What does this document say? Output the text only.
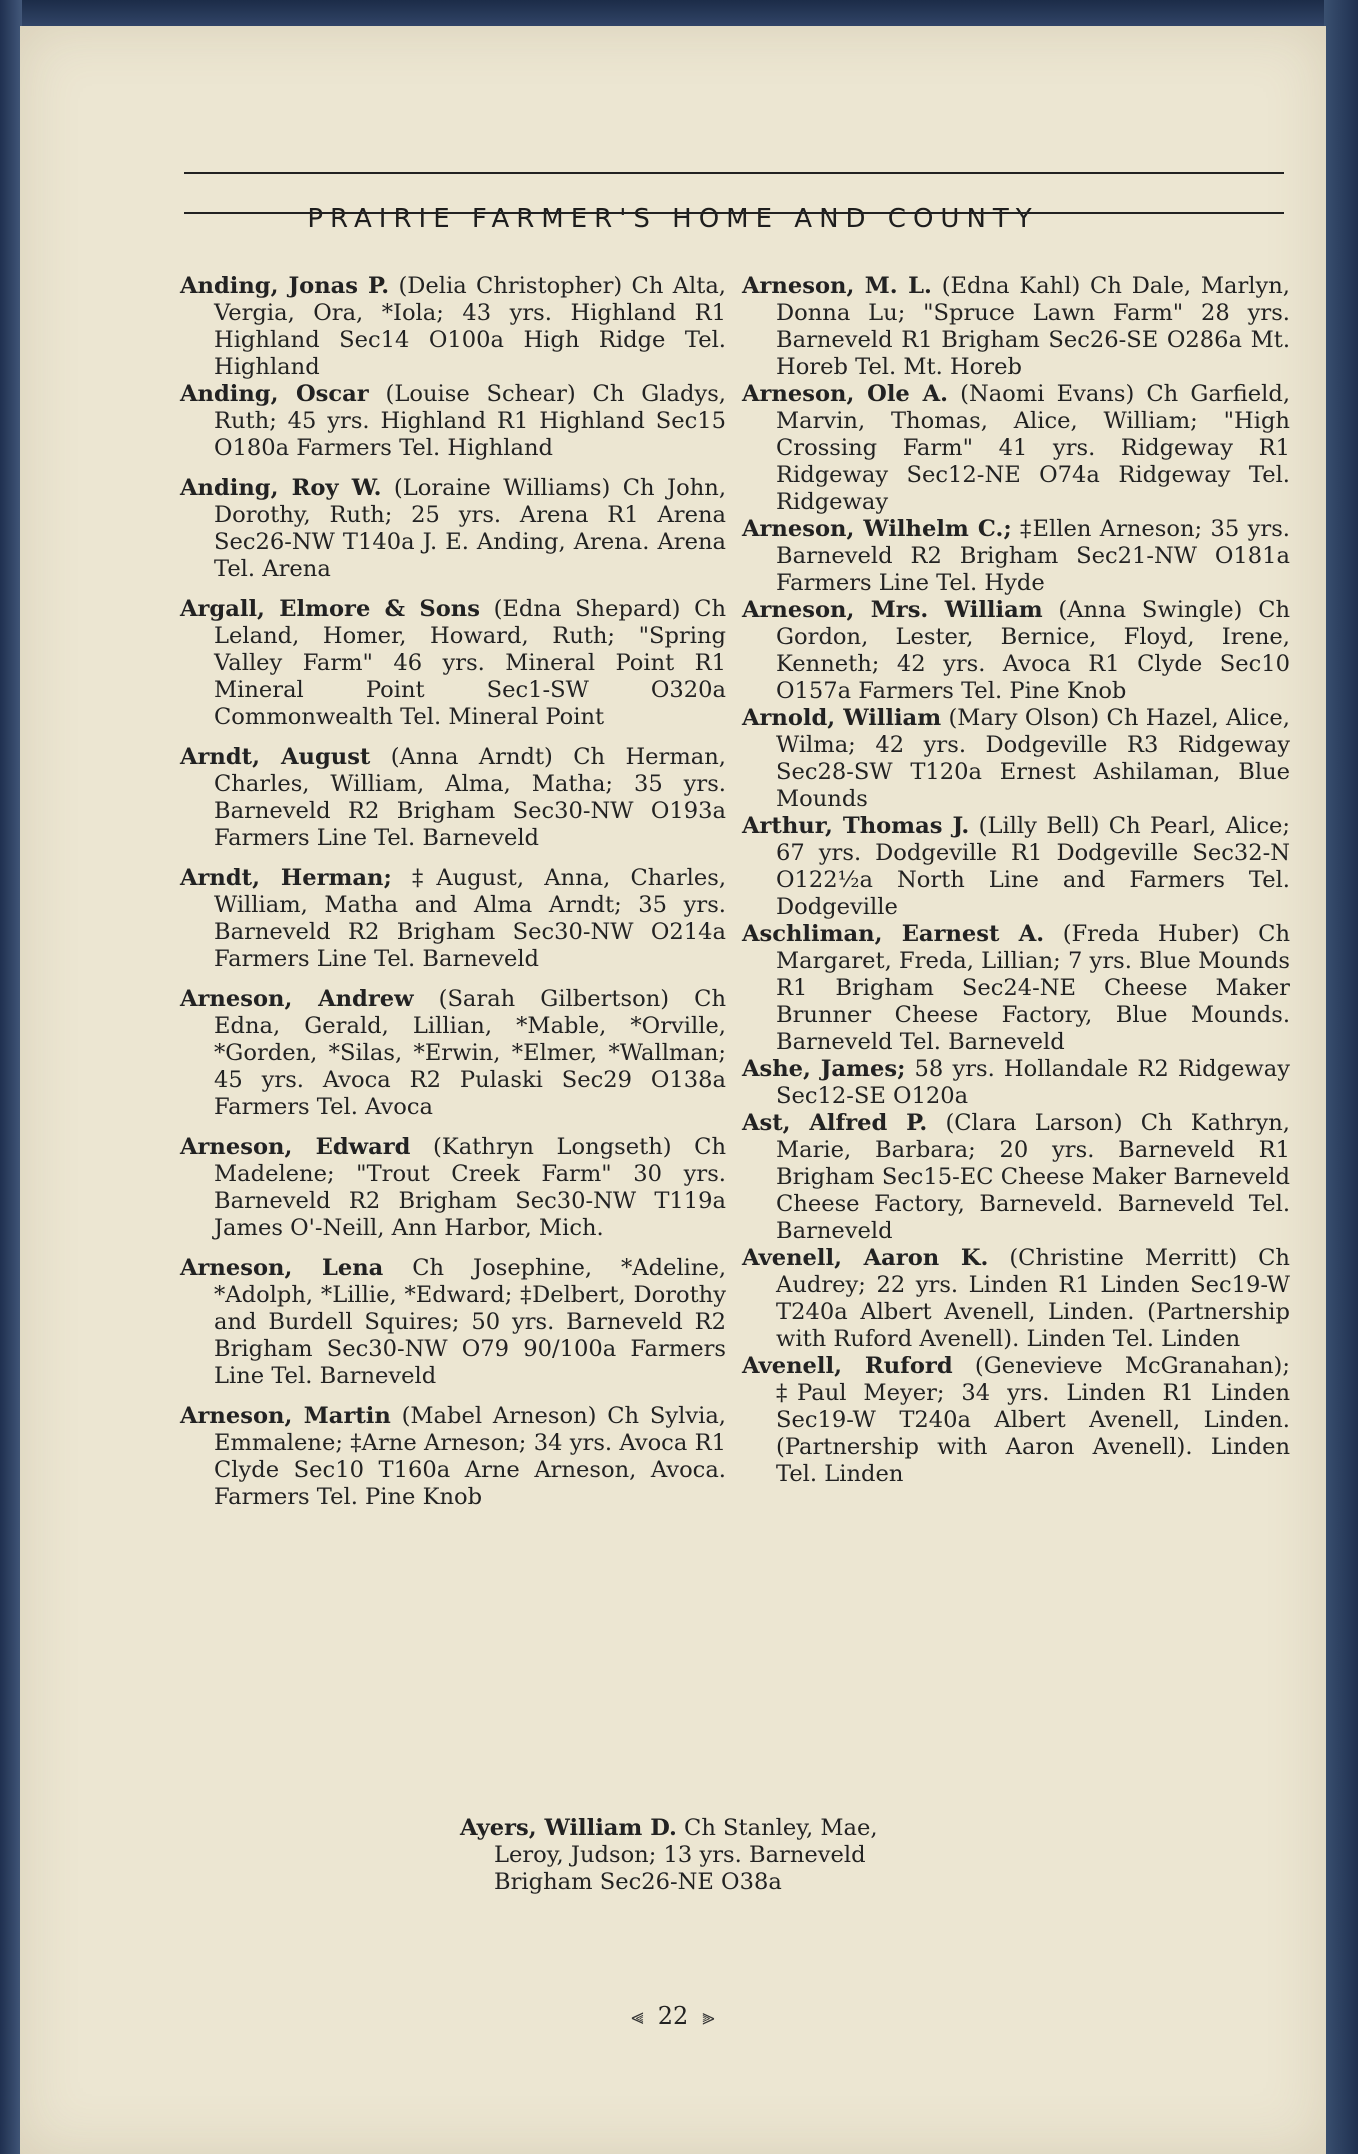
PRAIRIE FARMER'S HOME AND COUNTY

Anding, Jonas P. (Delia Christopher) Ch Alta, Vergia, Ora, *Iola; 43 yrs. Highland R1 Highland Sec14 O100a High Ridge Tel. Highland

Anding, Oscar (Louise Schear) Ch Gladys, Ruth; 45 yrs. Highland R1 Highland Sec15 O180a Farmers Tel. Highland

Anding, Roy W. (Loraine Williams) Ch John, Dorothy, Ruth; 25 yrs. Arena R1 Arena Sec26-NW T140a J. E. Anding, Arena. Arena Tel. Arena

Argall, Elmore & Sons (Edna Shepard) Ch Leland, Homer, Howard, Ruth; "Spring Valley Farm" 46 yrs. Mineral Point R1 Mineral Point Sec1-SW O320a Commonwealth Tel. Mineral Point

Arndt, August (Anna Arndt) Ch Herman, Charles, William, Alma, Matha; 35 yrs. Barneveld R2 Brigham Sec30-NW O193a Farmers Line Tel. Barneveld

Arndt, Herman; ‡August, Anna, Charles, William, Matha and Alma Arndt; 35 yrs. Barneveld R2 Brigham Sec30-NW O214a Farmers Line Tel. Barneveld

Arneson, Andrew (Sarah Gilbertson) Ch Edna, Gerald, Lillian, *Mable, *Orville, *Gorden, *Silas, *Erwin, *Elmer, *Wallman; 45 yrs. Avoca R2 Pulaski Sec29 O138a Farmers Tel. Avoca

Arneson, Edward (Kathryn Longseth) Ch Madelene; "Trout Creek Farm" 30 yrs. Barneveld R2 Brigham Sec30-NW T119a James O'-Neill, Ann Harbor, Mich.

Arneson, Lena Ch Josephine, *Adeline, *Adolph, *Lillie, *Edward; ‡Delbert, Dorothy and Burdell Squires; 50 yrs. Barneveld R2 Brigham Sec30-NW O79 90/100a Farmers Line Tel. Barneveld

Arneson, Martin (Mabel Arneson) Ch Sylvia, Emmalene; ‡Arne Arneson; 34 yrs. Avoca R1 Clyde Sec10 T160a Arne Arneson, Avoca. Farmers Tel. Pine Knob

Arneson, M. L. (Edna Kahl) Ch Dale, Marlyn, Donna Lu; "Spruce Lawn Farm" 28 yrs. Barneveld R1 Brigham Sec26-SE O286a Mt. Horeb Tel. Mt. Horeb

Arneson, Ole A. (Naomi Evans) Ch Garfield, Marvin, Thomas, Alice, William; "High Crossing Farm" 41 yrs. Ridgeway R1 Ridgeway Sec12-NE O74a Ridgeway Tel. Ridgeway

Arneson, Wilhelm C.; ‡Ellen Arneson; 35 yrs. Barneveld R2 Brigham Sec21-NW O181a Farmers Line Tel. Hyde

Arneson, Mrs. William (Anna Swingle) Ch Gordon, Lester, Bernice, Floyd, Irene, Kenneth; 42 yrs. Avoca R1 Clyde Sec10 O157a Farmers Tel. Pine Knob

Arnold, William (Mary Olson) Ch Hazel, Alice, Wilma; 42 yrs. Dodgeville R3 Ridgeway Sec28-SW T120a Ernest Ashilaman, Blue Mounds

Arthur, Thomas J. (Lilly Bell) Ch Pearl, Alice; 67 yrs. Dodgeville R1 Dodgeville Sec32-N O122½a North Line and Farmers Tel. Dodgeville

Aschliman, Earnest A. (Freda Huber) Ch Margaret, Freda, Lillian; 7 yrs. Blue Mounds R1 Brigham Sec24-NE Cheese Maker Brunner Cheese Factory, Blue Mounds. Barneveld Tel. Barneveld

Ashe, James; 58 yrs. Hollandale R2 Ridgeway Sec12-SE O120a

Ast, Alfred P. (Clara Larson) Ch Kathryn, Marie, Barbara; 20 yrs. Barneveld R1 Brigham Sec15-EC Cheese Maker Barneveld Cheese Factory, Barneveld. Barneveld Tel. Barneveld

Avenell, Aaron K. (Christine Merritt) Ch Audrey; 22 yrs. Linden R1 Linden Sec19-W T240a Albert Avenell, Linden. (Partnership with Ruford Avenell). Linden Tel. Linden

Avenell, Ruford (Genevieve McGranahan); ‡Paul Meyer; 34 yrs. Linden R1 Linden Sec19-W T240a Albert Avenell, Linden. (Partnership with Aaron Avenell). Linden Tel. Linden

Ayers, William D. Ch Stanley, Mae, Leroy, Judson; 13 yrs. Barneveld Brigham Sec26-NE O38a

⫷ 22 ⫸
